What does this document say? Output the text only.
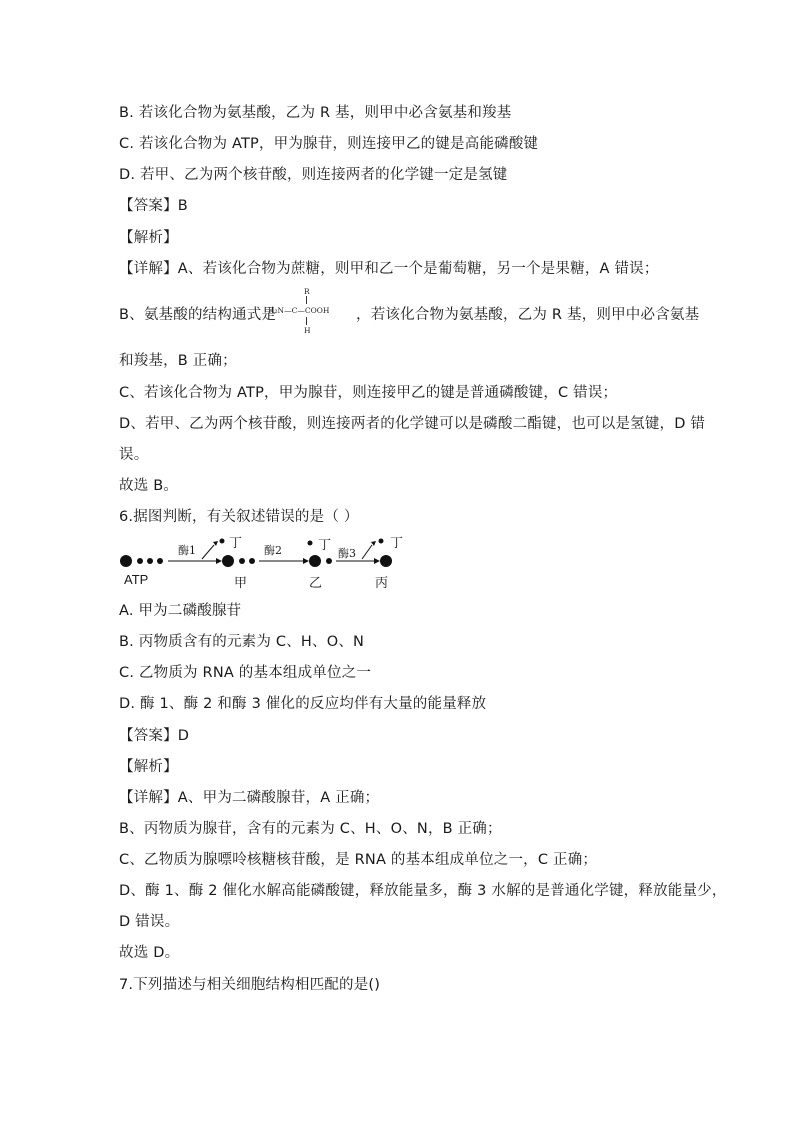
B. 若该化合物为氨基酸，乙为 R 基，则甲中必含氨基和羧基
C. 若该化合物为 ATP，甲为腺苷，则连接甲乙的键是高能磷酸键
D. 若甲、乙为两个核苷酸，则连接两者的化学键一定是氢键
【答案】B
【解析】
【详解】A、若该化合物为蔗糖，则甲和乙一个是葡萄糖，另一个是果糖，A 错误；
B、氨基酸的结构通式是
R
H₂N—C—COOH
H
，若该化合物为氨基酸，乙为 R 基，则甲中必含氨基
和羧基，B 正确；
C、若该化合物为 ATP，甲为腺苷，则连接甲乙的键是普通磷酸键，C 错误；
D、若甲、乙为两个核苷酸，则连接两者的化学键可以是磷酸二酯键，也可以是氢键，D 错
误。
故选 B。
6.据图判断，有关叙述错误的是（ ）
酶1	酶2	酶3
丁	丁	丁
ATP	甲	乙	丙
A. 甲为二磷酸腺苷
B. 丙物质含有的元素为 C、H、O、N
C. 乙物质为 RNA 的基本组成单位之一
D. 酶 1、酶 2 和酶 3 催化的反应均伴有大量的能量释放
【答案】D
【解析】
【详解】A、甲为二磷酸腺苷，A 正确；
B、丙物质为腺苷，含有的元素为 C、H、O、N，B 正确；
C、乙物质为腺嘌呤核糖核苷酸，是 RNA 的基本组成单位之一，C 正确；
D、酶 1、酶 2 催化水解高能磷酸键，释放能量多，酶 3 水解的是普通化学键，释放能量少，
D 错误。
故选 D。
7.下列描述与相关细胞结构相匹配的是()
